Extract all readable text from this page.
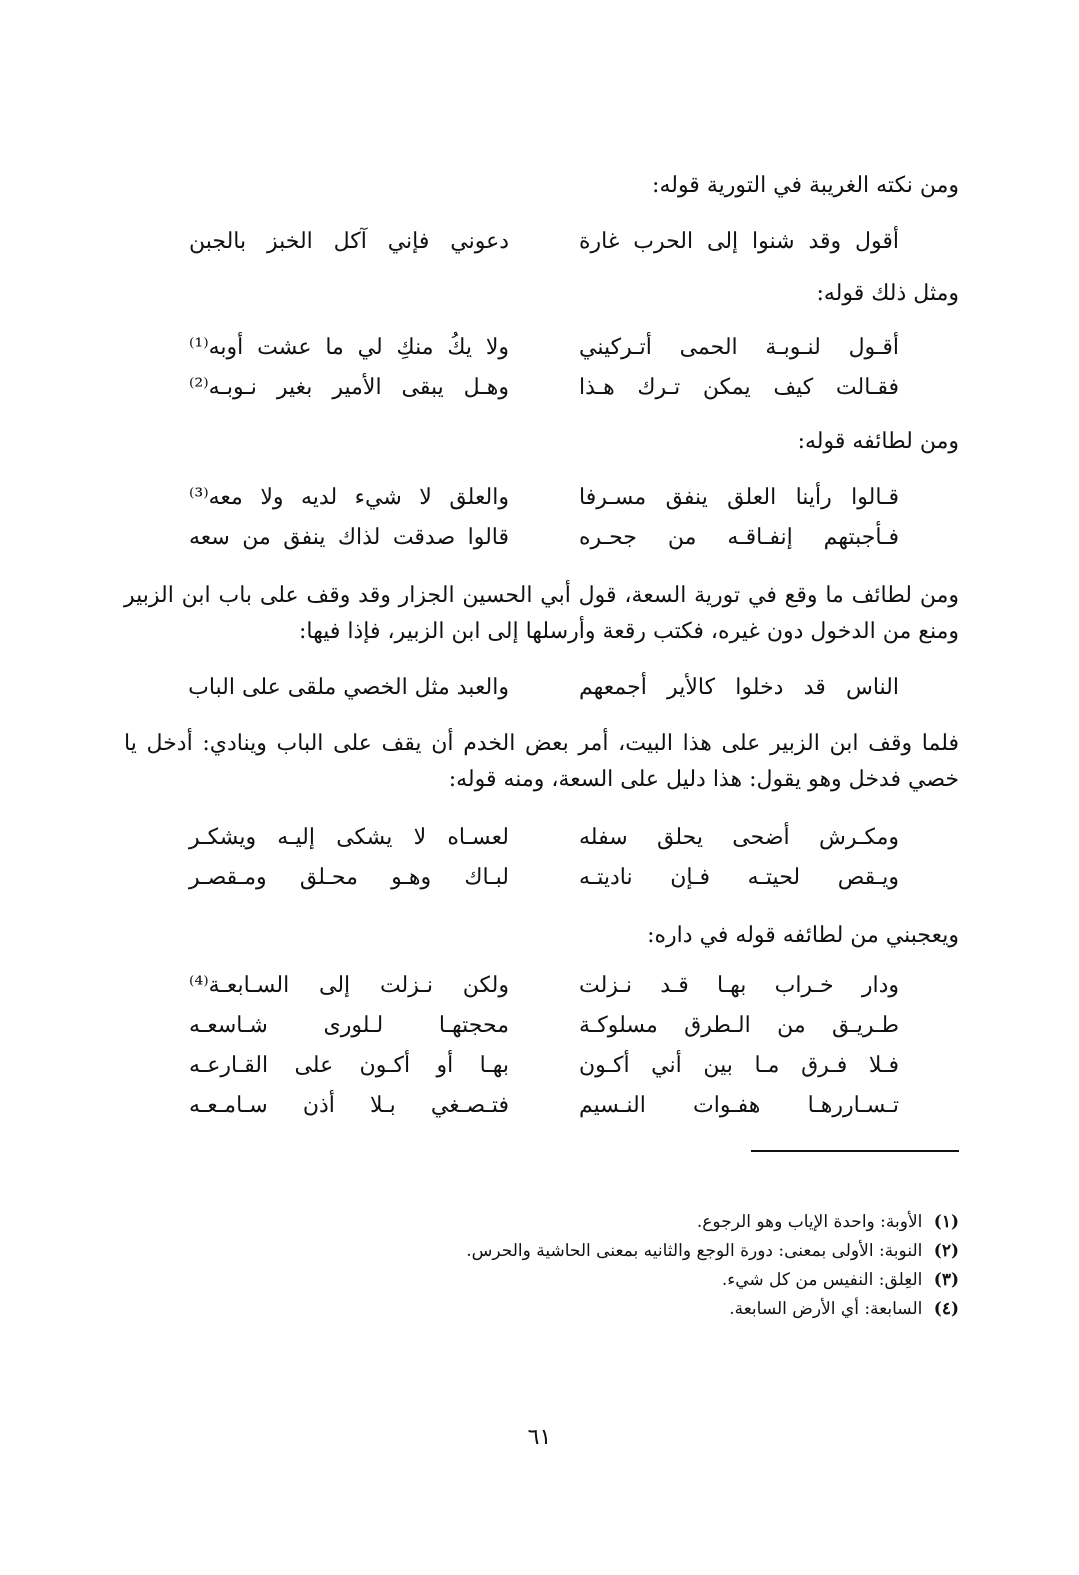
ومن نكته الغريبة في التورية قوله:
أقول وقد شنوا إلى الحرب غارة
دعوني فإني آكل الخبز بالجبن
ومثل ذلك قوله:
أقـول لنـوبـة الحمى أتـركيني
ولا يكُ منكِ لي ما عشت أوبه⁽¹⁾
فقـالت كيف يمكن تـرك هـذا
وهـل يبقى الأمير بغير نـوبـه⁽²⁾
ومن لطائفه قوله:
قـالوا رأينا العلق ينفق مسـرفا
والعلق لا شيء لديه ولا معه⁽³⁾
فـأجبتهم إنفـاقـه من جحـره
قالوا صدقت لذاك ينفق من سعه
ومن لطائف ما وقع في تورية السعة، قول أبي الحسين الجزار وقد وقف على باب ابن الزبير ومنع من الدخول دون غيره، فكتب رقعة وأرسلها إلى ابن الزبير، فإذا فيها:
الناس قد دخلوا كالأير أجمعهم
والعبد مثل الخصي ملقى على الباب
فلما وقف ابن الزبير على هذا البيت، أمر بعض الخدم أن يقف على الباب وينادي: أدخل يا خصي فدخل وهو يقول: هذا دليل على السعة، ومنه قوله:
ومكـرش أضحى يحلق سفله
لعسـاه لا يشكى إليـه ويشكـر
ويـقص لحيتـه فـإن ناديتـه
لبـاك وهـو محـلق ومـقصـر
ويعجبني من لطائفه قوله في داره:
ودار خـراب بهـا قـد نـزلت
ولكن نـزلت إلى السـابعـة⁽⁴⁾
طـريـق من الـطرق مسلوكـة
محجتهـا لـلورى شـاسعـه
فـلا فـرق مـا بين أني أكـون
بهـا أو أكـون على القـارعـه
تـسـاررهـا هفـوات النـسيم
فتـصـغي بـلا أذن سـامـعـه
(١) الأوبة: واحدة الإياب وهو الرجوع.
(٢) النوبة: الأولى بمعنى: دورة الوجع والثانيه بمعنى الحاشية والحرس.
(٣) العِلق: النفيس من كل شيء.
(٤) السابعة: أي الأرض السابعة.
٦١
